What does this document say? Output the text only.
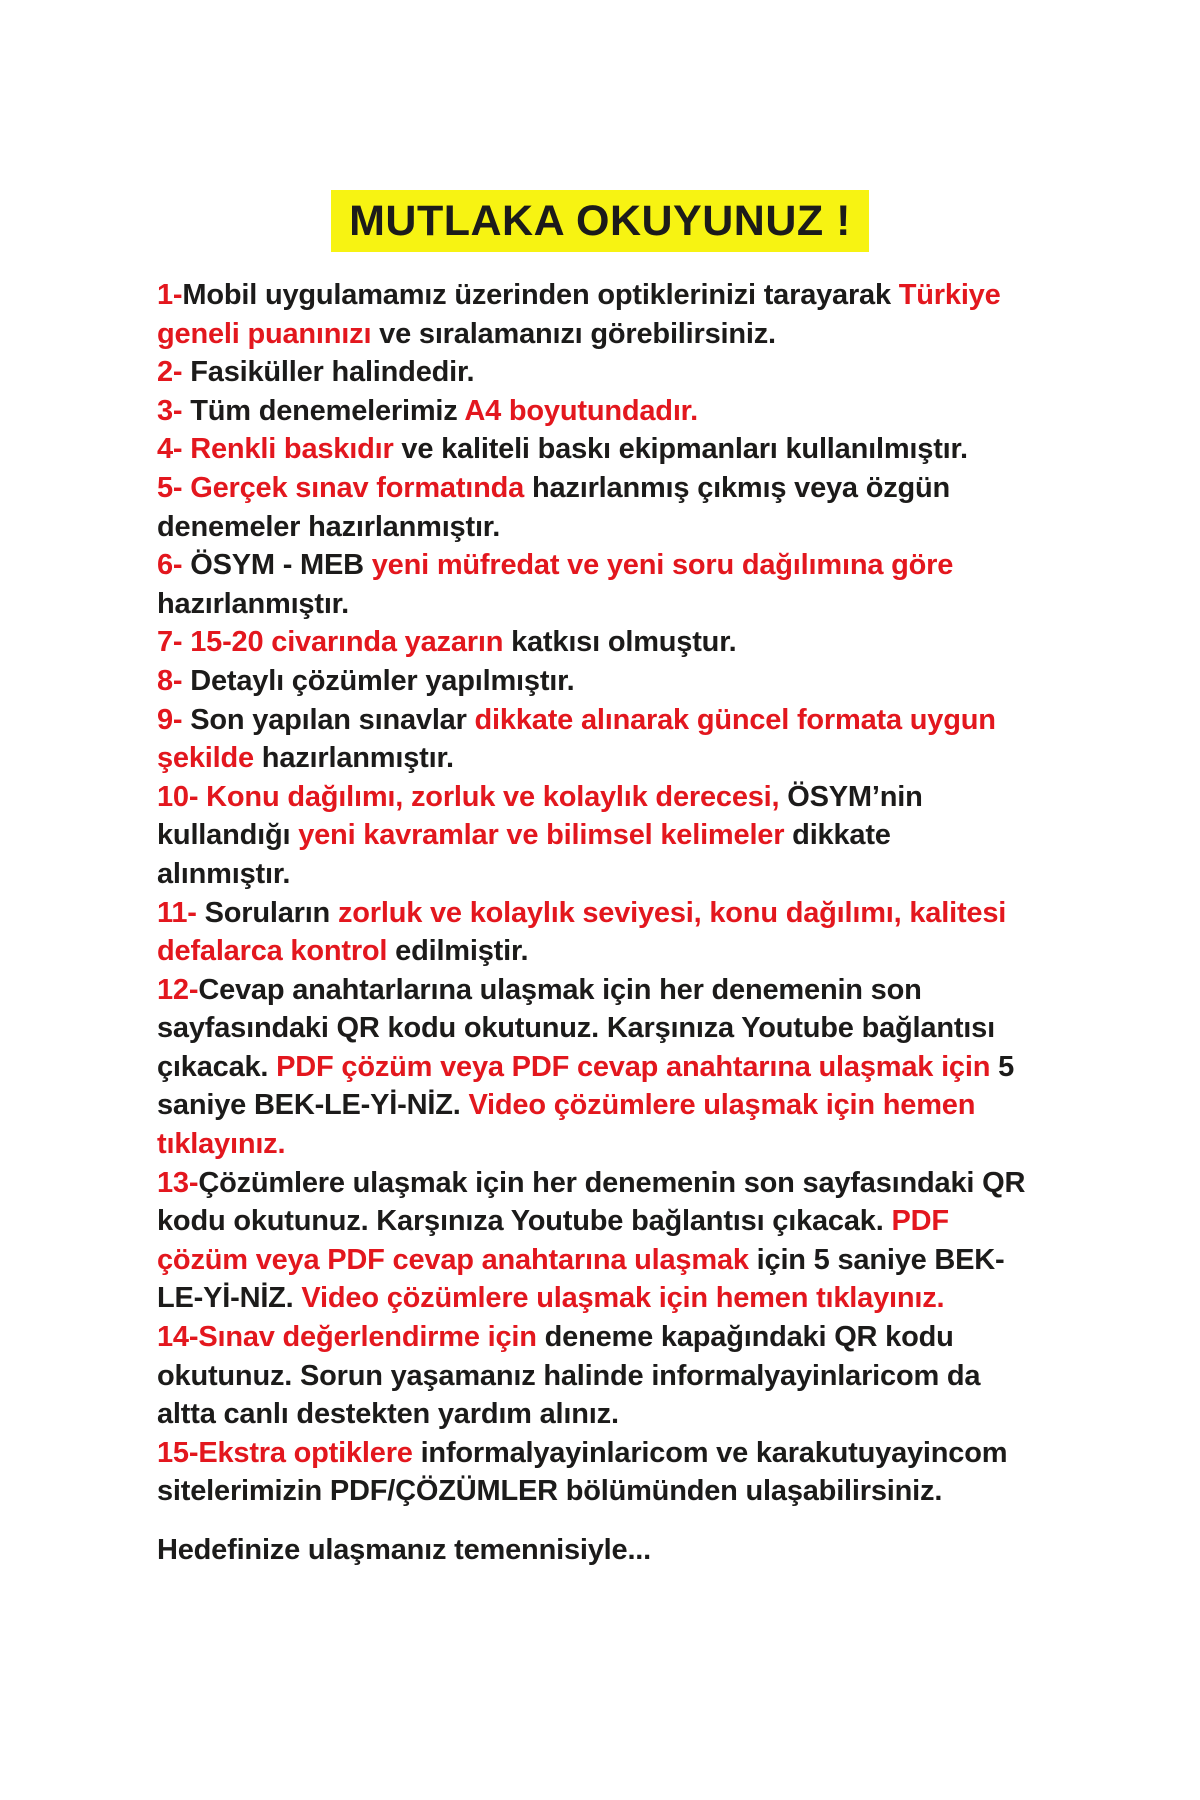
MUTLAKA OKUYUNUZ !
1-Mobil uygulamamız üzerinden optiklerinizi tarayarak Türkiye
geneli puanınızı ve sıralamanızı görebilirsiniz.
2- Fasiküller halindedir.
3- Tüm denemelerimiz A4 boyutundadır.
4- Renkli baskıdır ve kaliteli baskı ekipmanları kullanılmıştır.
5- Gerçek sınav formatında hazırlanmış çıkmış veya özgün
denemeler hazırlanmıştır.
6- ÖSYM - MEB yeni müfredat ve yeni soru dağılımına göre
hazırlanmıştır.
7- 15-20 civarında yazarın katkısı olmuştur.
8- Detaylı çözümler yapılmıştır.
9- Son yapılan sınavlar dikkate alınarak güncel formata uygun
şekilde hazırlanmıştır.
10- Konu dağılımı, zorluk ve kolaylık derecesi, ÖSYM’nin
kullandığı yeni kavramlar ve bilimsel kelimeler dikkate
alınmıştır.
11- Soruların zorluk ve kolaylık seviyesi, konu dağılımı, kalitesi
defalarca kontrol edilmiştir.
12-Cevap anahtarlarına ulaşmak için her denemenin son
sayfasındaki QR kodu okutunuz. Karşınıza Youtube bağlantısı
çıkacak. PDF çözüm veya PDF cevap anahtarına ulaşmak için 5
saniye BEK-LE-Yİ-NİZ. Video çözümlere ulaşmak için hemen
tıklayınız.
13-Çözümlere ulaşmak için her denemenin son sayfasındaki QR
kodu okutunuz. Karşınıza Youtube bağlantısı çıkacak. PDF
çözüm veya PDF cevap anahtarına ulaşmak için 5 saniye BEK-
LE-Yİ-NİZ. Video çözümlere ulaşmak için hemen tıklayınız.
14-Sınav değerlendirme için deneme kapağındaki QR kodu
okutunuz. Sorun yaşamanız halinde informalyayinlaricom da
altta canlı destekten yardım alınız.
15-Ekstra optiklere informalyayinlaricom ve karakutuyayincom
sitelerimizin PDF/ÇÖZÜMLER bölümünden ulaşabilirsiniz.
Hedefinize ulaşmanız temennisiyle...
